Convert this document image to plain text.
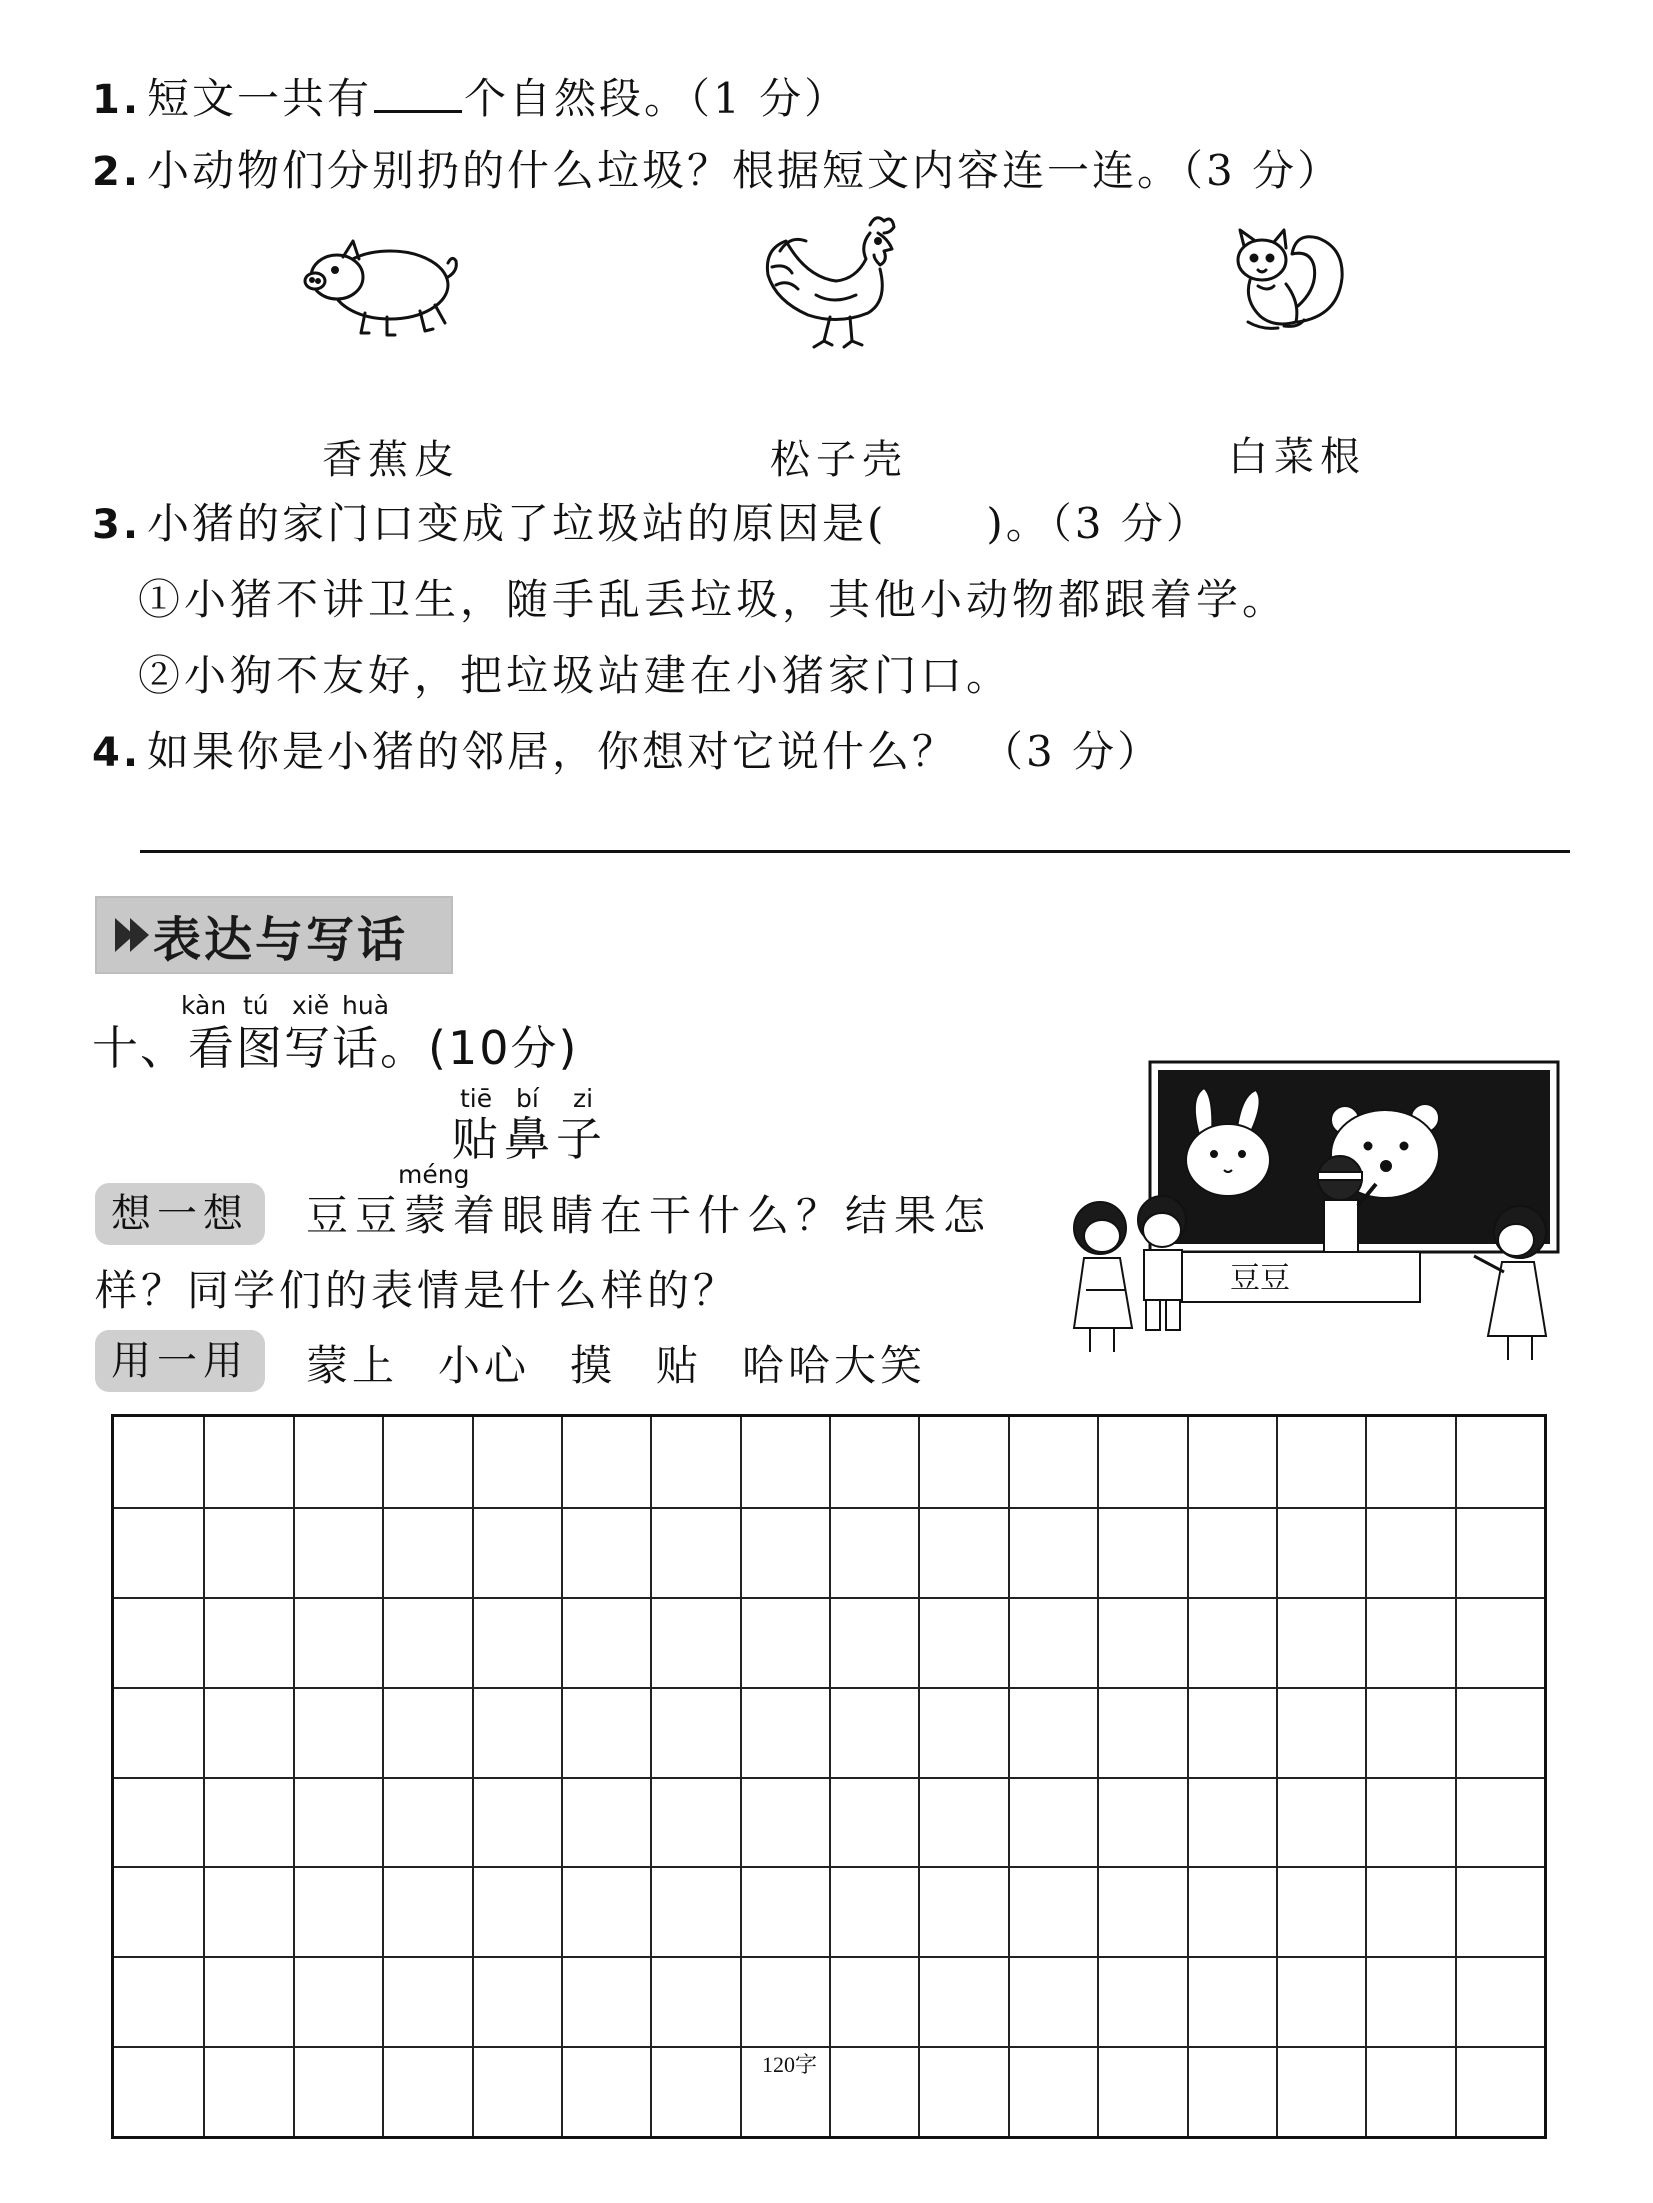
1. 短文一共有 个自然段。（1 分）
2. 小动物们分别扔的什么垃圾？根据短文内容连一连。（3 分）
香蕉皮	松子壳	白菜根
3. 小猪的家门口变成了垃圾站的原因是( )。（3 分）
①小猪不讲卫生，随手乱丢垃圾，其他小动物都跟着学。
②小狗不友好，把垃圾站建在小猪家门口。
4. 如果你是小猪的邻居，你想对它说什么？　（3 分）
表达与写话
kàn tú xiě huà
十、看图写话。(10分)
tiē bí zi
贴鼻子
méng
想一想	豆豆蒙着眼睛在干什么？结果怎
样？同学们的表情是什么样的？
用一用	蒙上 小心 摸 贴 哈哈大笑
豆豆
120字
